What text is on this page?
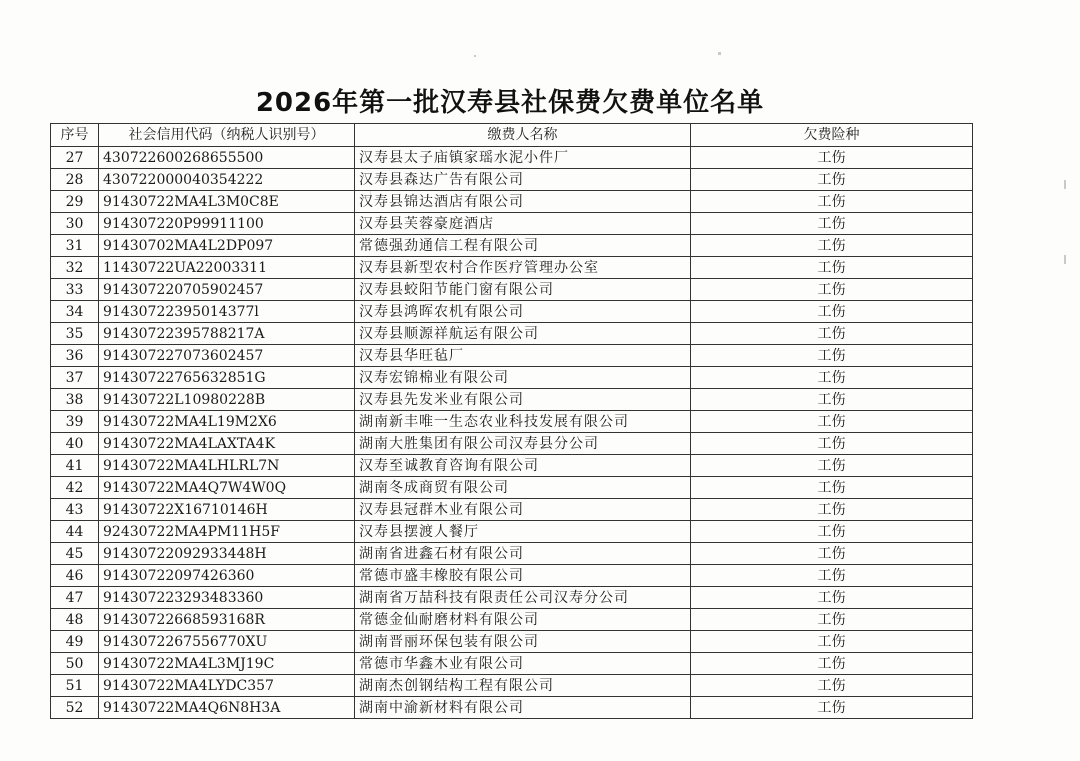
2026年第一批汉寿县社保费欠费单位名单
序号	社会信用代码（纳税人识别号）	缴费人名称	欠费险种
27	430722600268655500	汉寿县太子庙镇家瑶水泥小件厂	工伤
28	430722000040354222	汉寿县森达广告有限公司	工伤
29	91430722MA4L3M0C8E	汉寿县锦达酒店有限公司	工伤
30	914307220P99911100	汉寿县芙蓉豪庭酒店	工伤
31	91430702MA4L2DP097	常德强劲通信工程有限公司	工伤
32	11430722UA22003311	汉寿县新型农村合作医疗管理办公室	工伤
33	914307220705902457	汉寿县蛟阳节能门窗有限公司	工伤
34	91430722395014377l	汉寿县鸿晖农机有限公司	工伤
35	91430722395788217A	汉寿县顺源祥航运有限公司	工伤
36	914307227073602457	汉寿县华旺毡厂	工伤
37	91430722765632851G	汉寿宏锦棉业有限公司	工伤
38	91430722L10980228B	汉寿县先发米业有限公司	工伤
39	91430722MA4L19M2X6	湖南新丰唯一生态农业科技发展有限公司	工伤
40	91430722MA4LAXTA4K	湖南大胜集团有限公司汉寿县分公司	工伤
41	91430722MA4LHLRL7N	汉寿至诚教育咨询有限公司	工伤
42	91430722MA4Q7W4W0Q	湖南冬成商贸有限公司	工伤
43	91430722X16710146H	汉寿县冠群木业有限公司	工伤
44	92430722MA4PM11H5F	汉寿县摆渡人餐厅	工伤
45	91430722092933448H	湖南省进鑫石材有限公司	工伤
46	91430722097426360	常德市盛丰橡胶有限公司	工伤
47	914307223293483360	湖南省万喆科技有限责任公司汉寿分公司	工伤
48	91430722668593168R	常德金仙耐磨材料有限公司	工伤
49	9143072267556770XU	湖南晋丽环保包装有限公司	工伤
50	91430722MA4L3MJ19C	常德市华鑫木业有限公司	工伤
51	91430722MA4LYDC357	湖南杰创钢结构工程有限公司	工伤
52	91430722MA4Q6N8H3A	湖南中渝新材料有限公司	工伤
